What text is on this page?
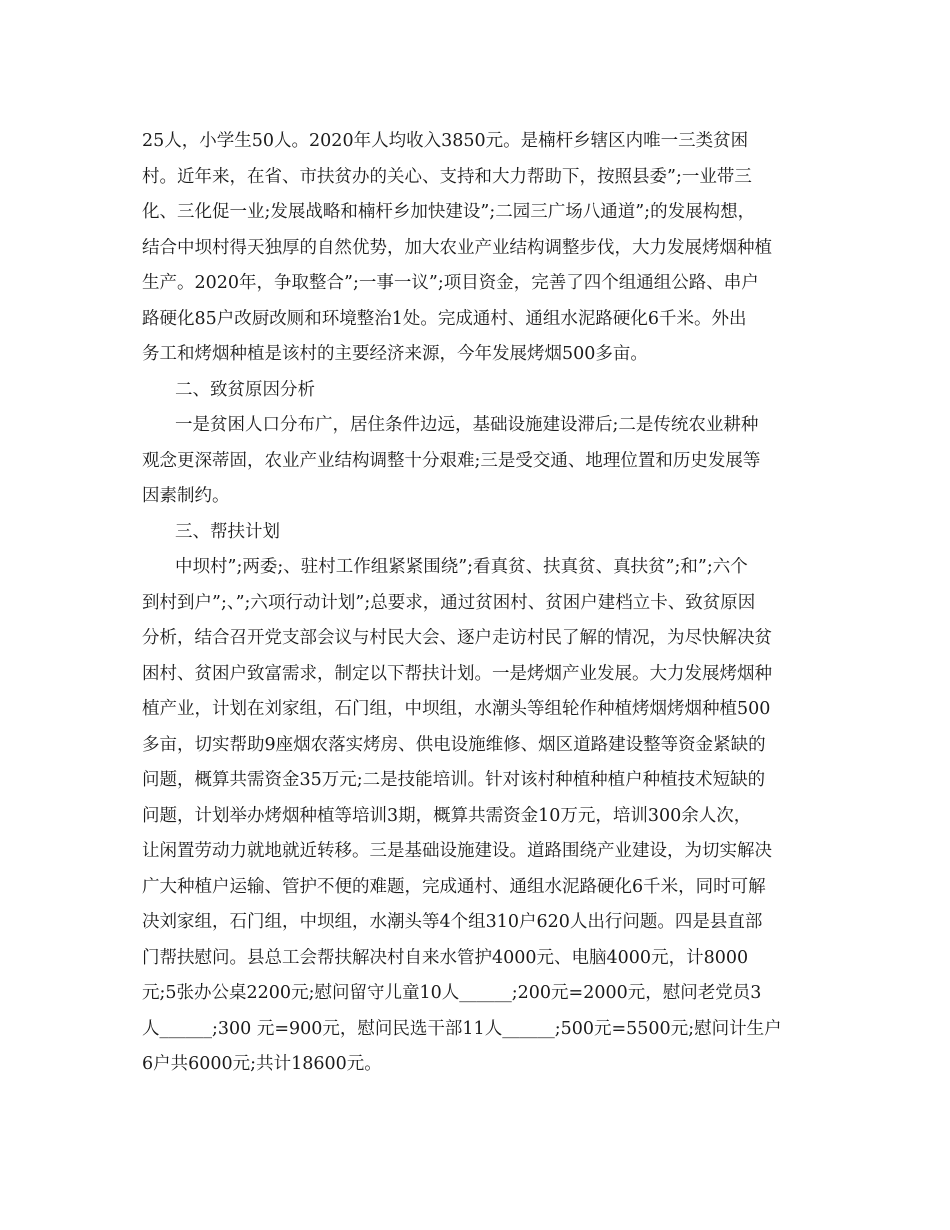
25人，小学生50人。2020年人均收入3850元。是楠杆乡辖区内唯一三类贫困
村。近年来，在省、市扶贫办的关心、支持和大力帮助下，按照县委”;一业带三
化、三化促一业;发展战略和楠杆乡加快建设”;二园三广场八通道”;的发展构想，
结合中坝村得天独厚的自然优势，加大农业产业结构调整步伐，大力发展烤烟种植
生产。2020年，争取整合”;一事一议”;项目资金，完善了四个组通组公路、串户
路硬化85户改厨改厕和环境整治1处。完成通村、通组水泥路硬化6千米。外出
务工和烤烟种植是该村的主要经济来源，今年发展烤烟500多亩。
二、致贫原因分析
一是贫困人口分布广，居住条件边远，基础设施建设滞后;二是传统农业耕种
观念更深蒂固，农业产业结构调整十分艰难;三是受交通、地理位置和历史发展等
因素制约。
三、帮扶计划
中坝村”;两委;、驻村工作组紧紧围绕”;看真贫、扶真贫、真扶贫”;和”;六个
到村到户”;、”;六项行动计划”;总要求，通过贫困村、贫困户建档立卡、致贫原因
分析，结合召开党支部会议与村民大会、逐户走访村民了解的情况，为尽快解决贫
困村、贫困户致富需求，制定以下帮扶计划。一是烤烟产业发展。大力发展烤烟种
植产业，计划在刘家组，石门组，中坝组，水潮头等组轮作种植烤烟烤烟种植500
多亩，切实帮助9座烟农落实烤房、供电设施维修、烟区道路建设整等资金紧缺的
问题，概算共需资金35万元;二是技能培训。针对该村种植种植户种植技术短缺的
问题，计划举办烤烟种植等培训3期，概算共需资金10万元，培训300余人次，
让闲置劳动力就地就近转移。三是基础设施建设。道路围绕产业建设，为切实解决
广大种植户运输、管护不便的难题，完成通村、通组水泥路硬化6千米，同时可解
决刘家组，石门组，中坝组，水潮头等4个组310户620人出行问题。四是县直部
门帮扶慰问。县总工会帮扶解决村自来水管护4000元、电脑4000元，计8000
元;5张办公桌2200元;慰问留守儿童10人______;200元=2000元，慰问老党员3
人______;300 元=900元，慰问民选干部11人______;500元=5500元;慰问计生户
6户共6000元;共计18600元。
